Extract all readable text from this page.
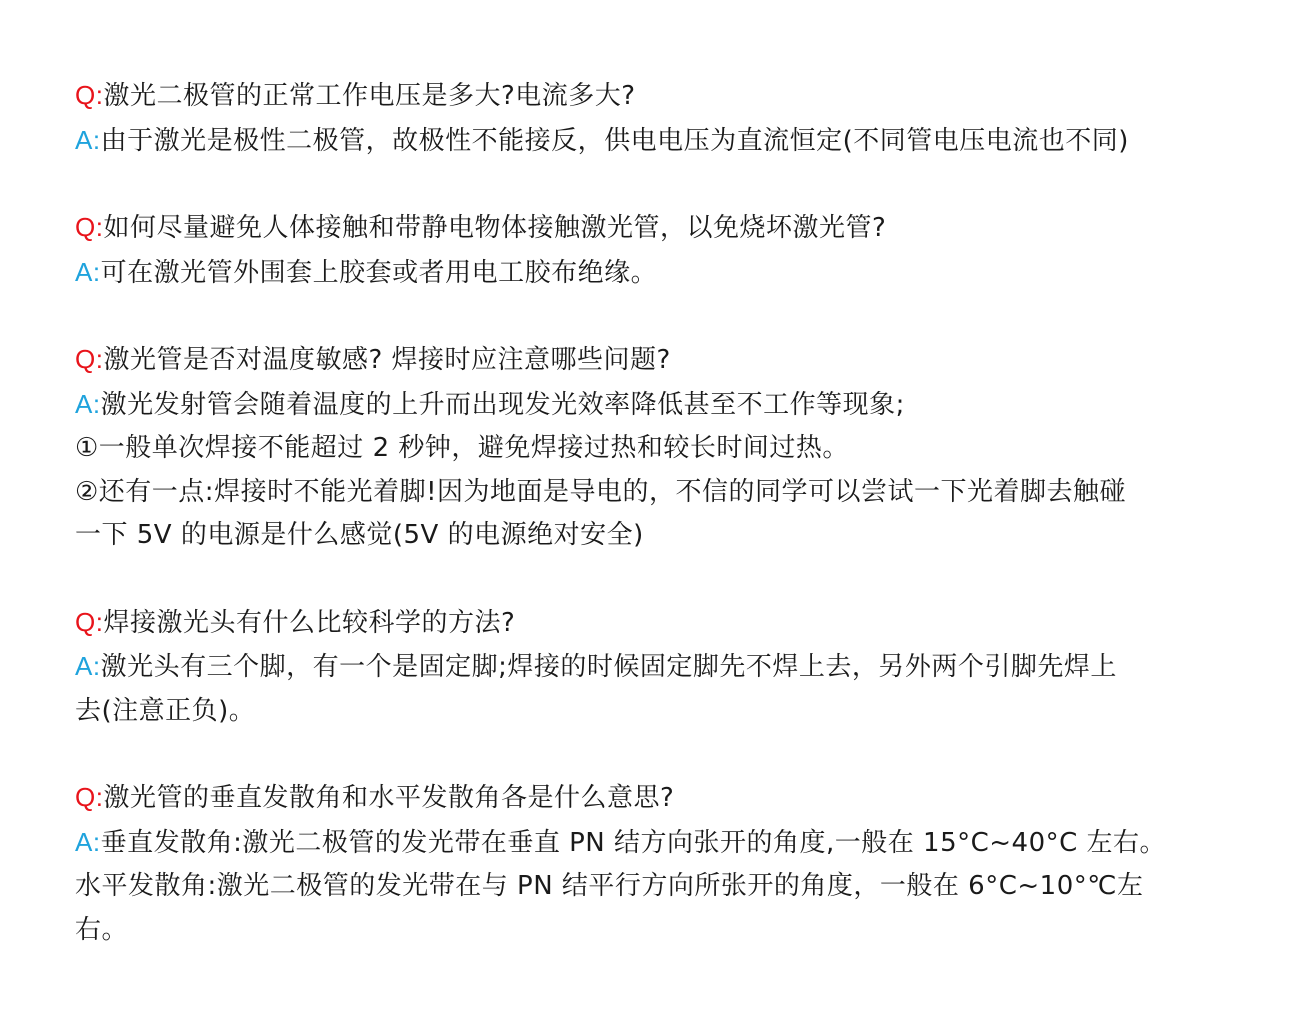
Q:激光二极管的正常工作电压是多大?电流多大?
A:由于激光是极性二极管，故极性不能接反，供电电压为直流恒定(不同管电压电流也不同)
Q:如何尽量避免人体接触和带静电物体接触激光管，以免烧坏激光管?
A:可在激光管外围套上胶套或者用电工胶布绝缘。
Q:激光管是否对温度敏感? 焊接时应注意哪些问题?
A:激光发射管会随着温度的上升而出现发光效率降低甚至不工作等现象;
①一般单次焊接不能超过 2 秒钟，避免焊接过热和较长时间过热。
②还有一点:焊接时不能光着脚!因为地面是导电的，不信的同学可以尝试一下光着脚去触碰
一下 5V 的电源是什么感觉(5V 的电源绝对安全)
Q:焊接激光头有什么比较科学的方法?
A:激光头有三个脚，有一个是固定脚;焊接的时候固定脚先不焊上去，另外两个引脚先焊上
去(注意正负)。
Q:激光管的垂直发散角和水平发散角各是什么意思?
A:垂直发散角:激光二极管的发光带在垂直 PN 结方向张开的角度,一般在 15°C~40°C 左右。
水平发散角:激光二极管的发光带在与 PN 结平行方向所张开的角度，一般在 6°C~10°℃左
右。
